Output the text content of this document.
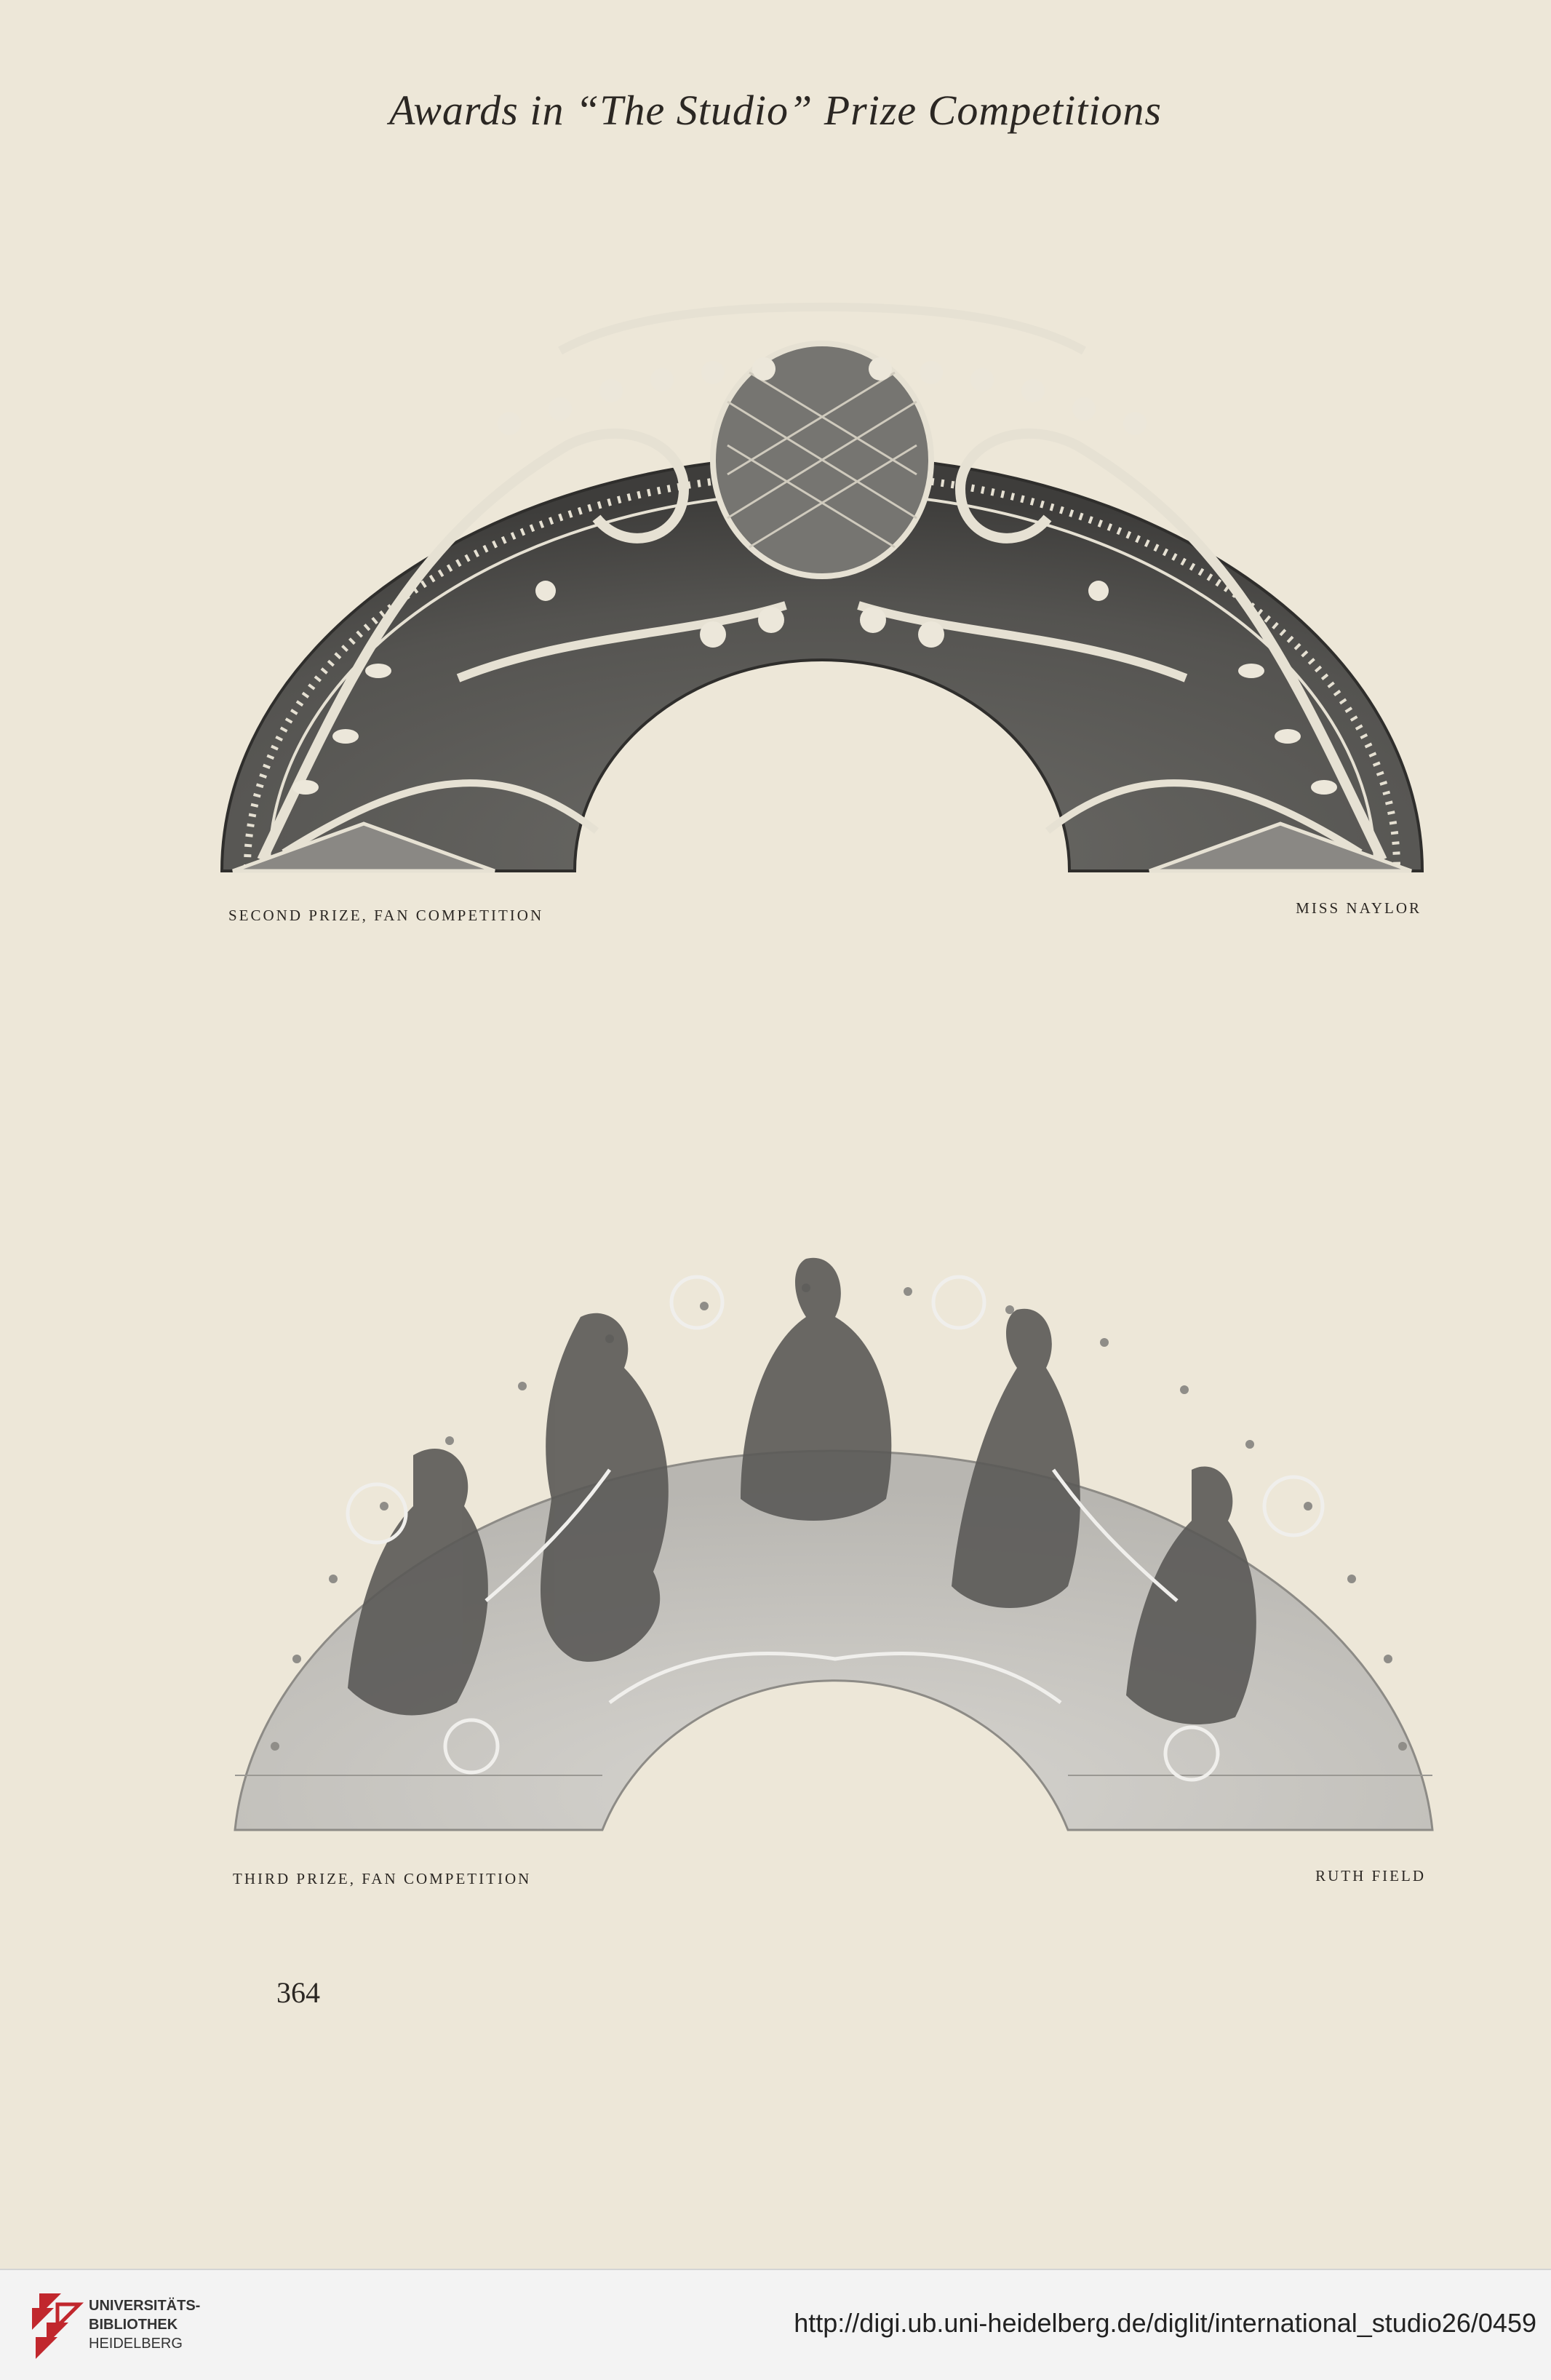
Awards in “The Studio” Prize Competitions
SECOND PRIZE, FAN COMPETITION	MISS NAYLOR
THIRD PRIZE, FAN COMPETITION	RUTH FIELD
364
UNIVERSITÄTS-
BIBLIOTHEK
HEIDELBERG
http://digi.ub.uni-heidelberg.de/diglit/international_studio26/0459
